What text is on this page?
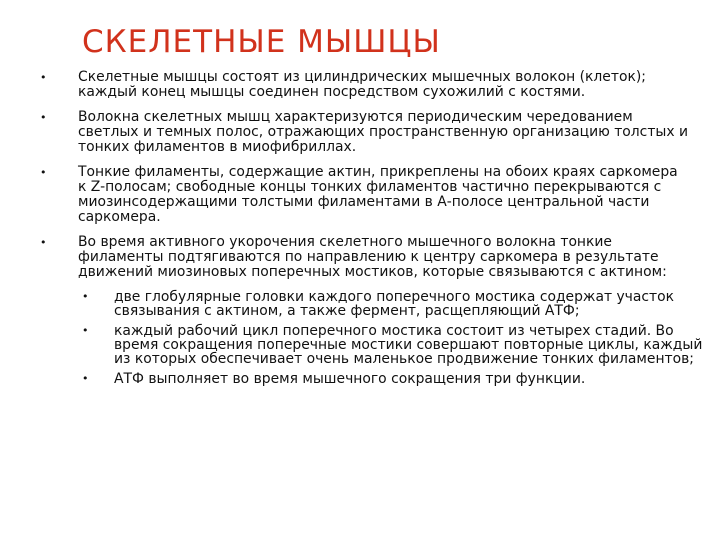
СКЕЛЕТНЫЕ МЫШЦЫ
• Скелетные мышцы состоят из цилиндрических мышечных волокон (клеток); каждый конец мышцы соединен посредством сухожилий с костями.
• Волокна скелетных мышц характеризуются периодическим чередованием светлых и темных полос, отражающих пространственную организацию толстых и тонких филаментов в миофибриллах.
• Тонкие филаменты, содержащие актин, прикреплены на обоих краях саркомера к Z-полосам; свободные концы тонких филаментов частично перекрываются с миозинсодержащими толстыми филаментами в А-полосе центральной части саркомера.
• Во время активного укорочения скелетного мышечного волокна тонкие филаменты подтягиваются по направлению к центру саркомера в результате движений миозиновых поперечных мостиков, которые связываются с актином:
• две глобулярные головки каждого поперечного мостика содержат участок связывания с актином, а также фермент, расщепляющий АТФ;
• каждый рабочий цикл поперечного мостика состоит из четырех стадий. Во время сокращения поперечные мостики совершают повторные циклы, каждый из которых обеспечивает очень маленькое продвижение тонких филаментов;
• АТФ выполняет во время мышечного сокращения три функции.
